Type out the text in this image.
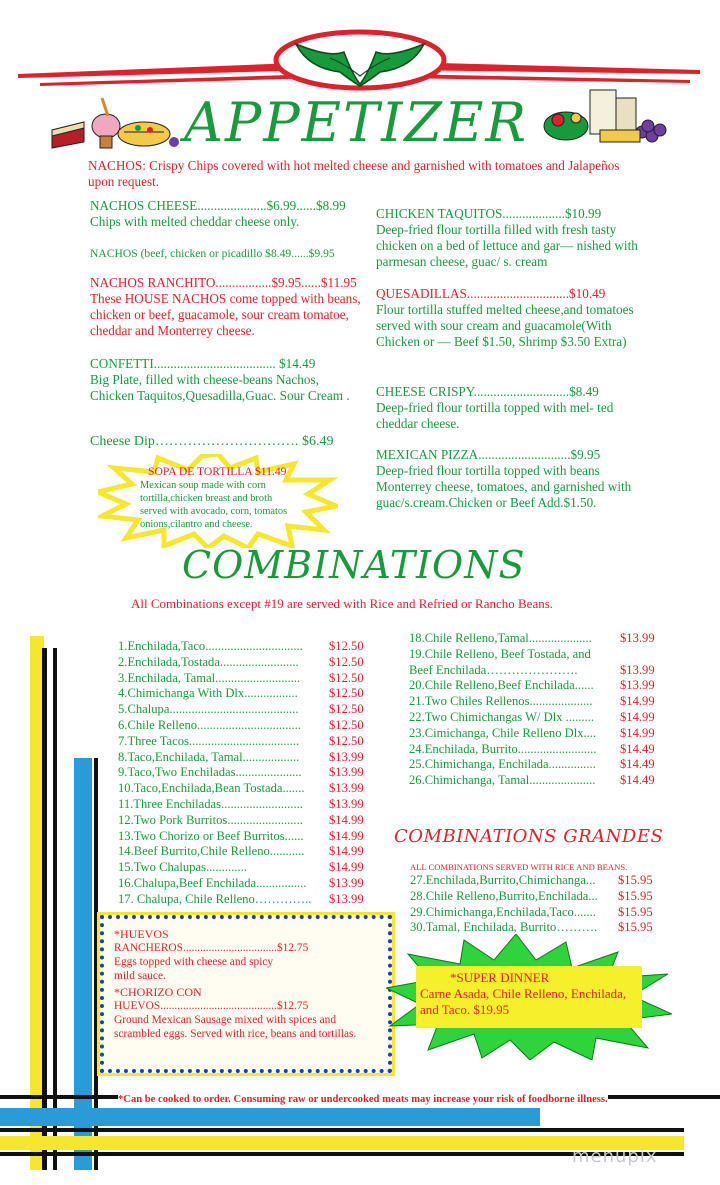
APPETIZER
NACHOS: Crispy Chips covered with hot melted cheese and garnished with tomatoes and Jalapeños upon request.
NACHOS CHEESE.....................$6.99......$8.99
Chips with melted cheddar cheese only.
NACHOS (beef, chicken or picadillo $8.49......$9.95
NACHOS RANCHITO.................$9.95......$11.95
These HOUSE NACHOS come topped with beans, chicken or beef, guacamole, sour cream tomatoe, cheddar and Monterrey cheese.
CONFETTI..................................... $14.49
Big Plate, filled with cheese-beans Nachos, Chicken Taquitos,Quesadilla,Guac. Sour Cream .
Cheese Dip…………………………. $6.49
SOPA DE TORTILLA $11.49
Mexican soup made with corn tortilla,chicken breast and broth served with avocado, corn, tomatos onions,cilantro and cheese.
CHICKEN TAQUITOS...................$10.99
Deep-fried flour tortilla filled with fresh tasty chicken on a bed of lettuce and gar— nished with parmesan cheese, guac/ s. cream
QUESADILLAS...............................$10.49
Flour tortilla stuffed melted cheese,and tomatoes served with sour cream and guacamole(With Chicken or — Beef $1.50, Shrimp $3.50 Extra)
CHEESE CRISPY.............................$8.49
Deep-fried flour tortilla topped with mel- ted cheddar cheese.
MEXICAN PIZZA............................$9.95
Deep-fried flour tortilla topped with beans Monterrey cheese, tomatoes, and garnished with guac/s.cream.Chicken or Beef Add.$1.50.
COMBINATIONS
All Combinations except #19 are served with Rice and Refried or Rancho Beans.
1.Enchilada,Taco............................... $12.50
2.Enchilada,Tostada......................... $12.50
3.Enchilada, Tamal........................... $12.50
4.Chimichanga With Dlx................. $12.50
5.Chalupa......................................... $12.50
6.Chile Relleno................................. $12.50
7.Three Tacos................................... $12.50
8.Taco,Enchilada, Tamal.................. $13.99
9.Taco,Two Enchiladas..................... $13.99
10.Taco,Enchilada,Bean Tostada....... $13.99
11.Three Enchiladas.......................... $13.99
12.Two Pork Burritos........................ $14.99
13.Two Chorizo or Beef Burritos...... $14.99
14.Beef Burrito,Chile Relleno........... $14.99
15.Two Chalupas.............	$14.99
16.Chalupa,Beef Enchilada................ $13.99
17. Chalupa, Chile Relleno………….. $13.99
18.Chile Relleno,Tamal.................... $13.99
19.Chile Relleno, Beef Tostada, and
Beef Enchilada………………….	$13.99
20.Chile Relleno,Beef Enchilada...... $13.99
21.Two Chiles Rellenos.................... $14.99
22.Two Chimichangas W/ Dlx ......... $14.99
23.Cimichanga, Chile Relleno Dlx.... $14.99
24.Enchilada, Burrito......................... $14.49
25.Chimichanga, Enchilada............... $14.49
26.Chimichanga, Tamal..................... $14.49
COMBINATIONS GRANDES
ALL COMBINATIONS SERVED WITH RICE AND BEANS.
27.Enchilada,Burrito,Chimichanga... $15.95
28.Chile Relleno,Burrito,Enchilada... $15.95
29.Chimichanga,Enchilada,Taco....... $15.95
30.Tamal, Enchilada, Burrito………. $15.95
*HUEVOS
RANCHEROS.................................$12.75
Eggs topped with cheese and spicy mild sauce.
*CHORIZO CON
HUEVOS.........................................$12.75
Ground Mexican Sausage mixed with spices and scrambled eggs. Served with rice, beans and tortillas.
*SUPER DINNER
Carne Asada, Chile Relleno, Enchilada, and Taco. $19.95
*Can be cooked to order. Consuming raw or undercooked meats may increase your risk of foodborne illness.
menupix
